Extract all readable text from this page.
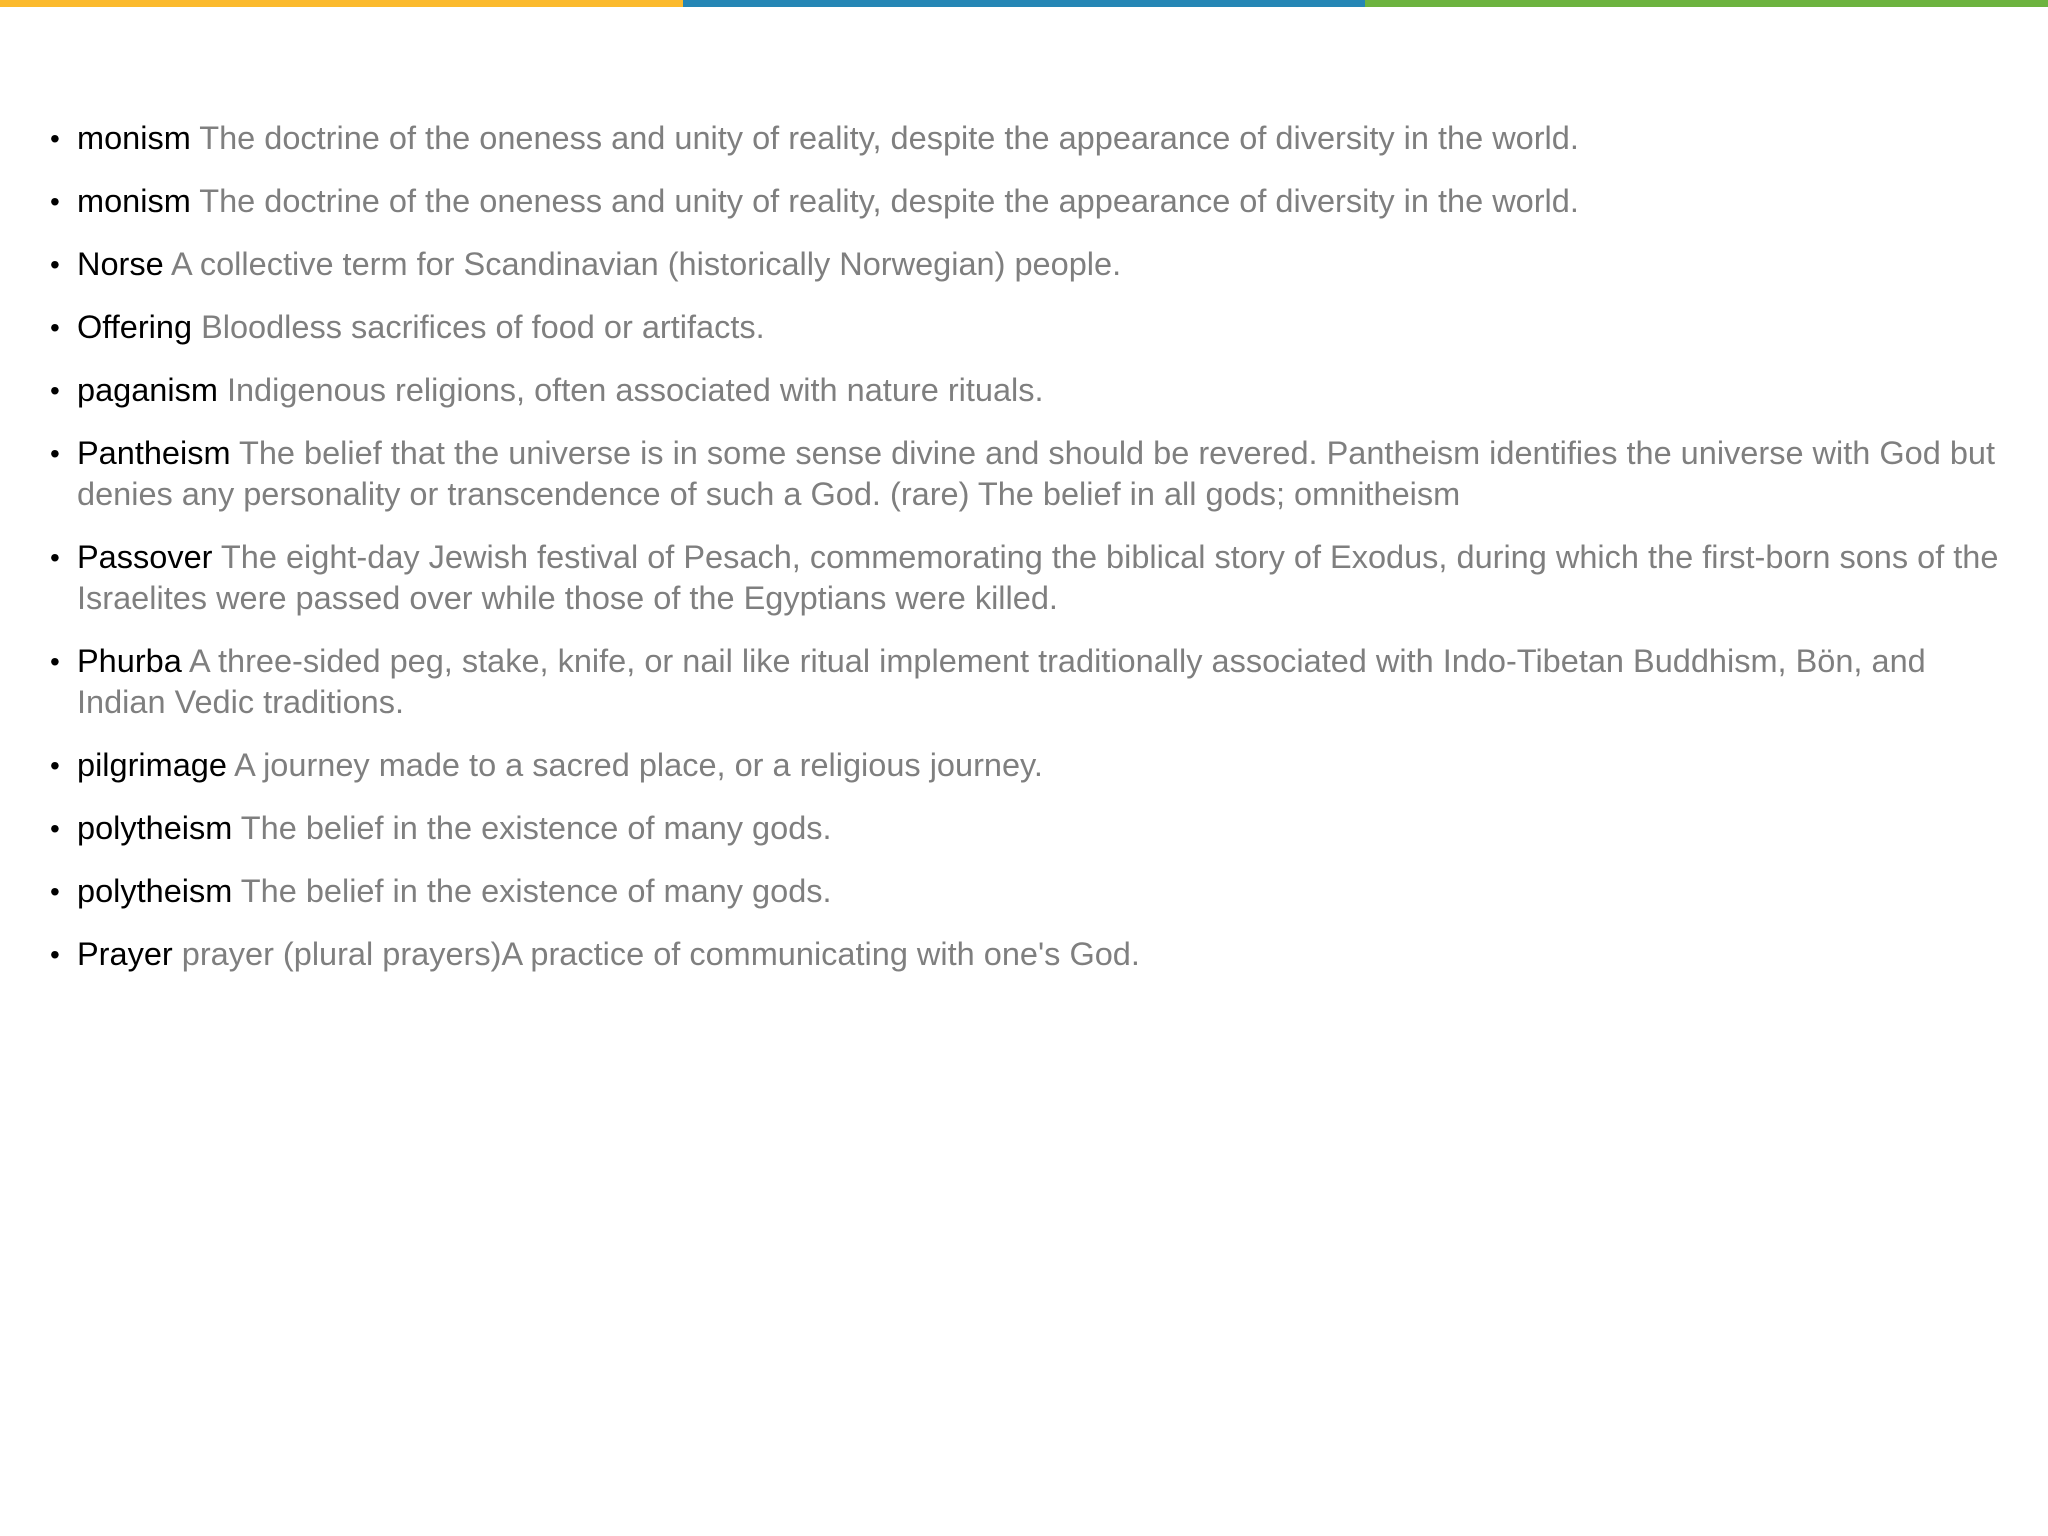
• monism The doctrine of the oneness and unity of reality, despite the appearance of diversity in the world.
• monism The doctrine of the oneness and unity of reality, despite the appearance of diversity in the world.
• Norse A collective term for Scandinavian (historically Norwegian) people.
• Offering Bloodless sacrifices of food or artifacts.
• paganism Indigenous religions, often associated with nature rituals.
• Pantheism The belief that the universe is in some sense divine and should be revered. Pantheism identifies the universe with God but denies any personality or transcendence of such a God. (rare) The belief in all gods; omnitheism
• Passover The eight-day Jewish festival of Pesach, commemorating the biblical story of Exodus, during which the first-born sons of the Israelites were passed over while those of the Egyptians were killed.
• Phurba A three-sided peg, stake, knife, or nail like ritual implement traditionally associated with Indo-Tibetan Buddhism, Bön, and Indian Vedic traditions.
• pilgrimage A journey made to a sacred place, or a religious journey.
• polytheism The belief in the existence of many gods.
• polytheism The belief in the existence of many gods.
• Prayer prayer (plural prayers)A practice of communicating with one's God.
